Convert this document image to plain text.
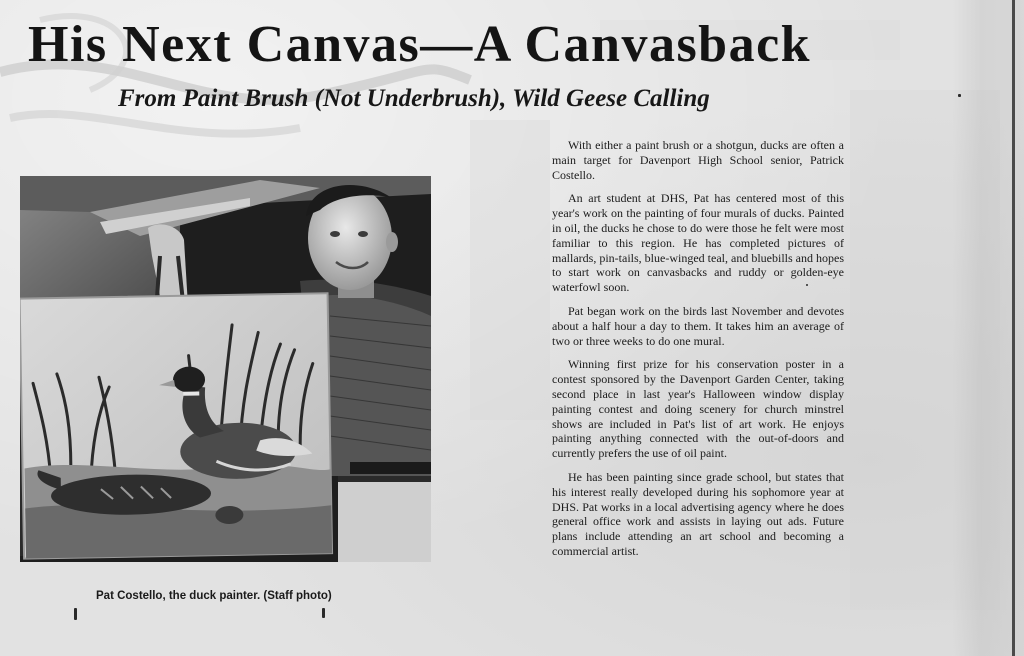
His Next Canvas—A Canvasback
From Paint Brush (Not Underbrush), Wild Geese Calling

Pat Costello, the duck painter. (Staff photo)

With either a paint brush or a shotgun, ducks are often a main target for Davenport High School senior, Patrick Costello.

An art student at DHS, Pat has centered most of this year's work on the painting of four murals of ducks. Painted in oil, the ducks he chose to do were those he felt were most familiar to this region. He has completed pictures of mallards, pin-tails, blue-winged teal, and bluebills and hopes to start work on canvasbacks and ruddy or golden-eye waterfowl soon.

Pat began work on the birds last November and devotes about a half hour a day to them. It takes him an average of two or three weeks to do one mural.

Winning first prize for his conservation poster in a contest sponsored by the Davenport Garden Center, taking second place in last year's Halloween window display painting contest and doing scenery for church minstrel shows are included in Pat's list of art work. He enjoys painting anything connected with the out-of-doors and currently prefers the use of oil paint.

He has been painting since grade school, but states that his interest really developed during his sophomore year at DHS. Pat works in a local advertising agency where he does general office work and assists in laying out ads. Future plans include attending an art school and becoming a commercial artist.
